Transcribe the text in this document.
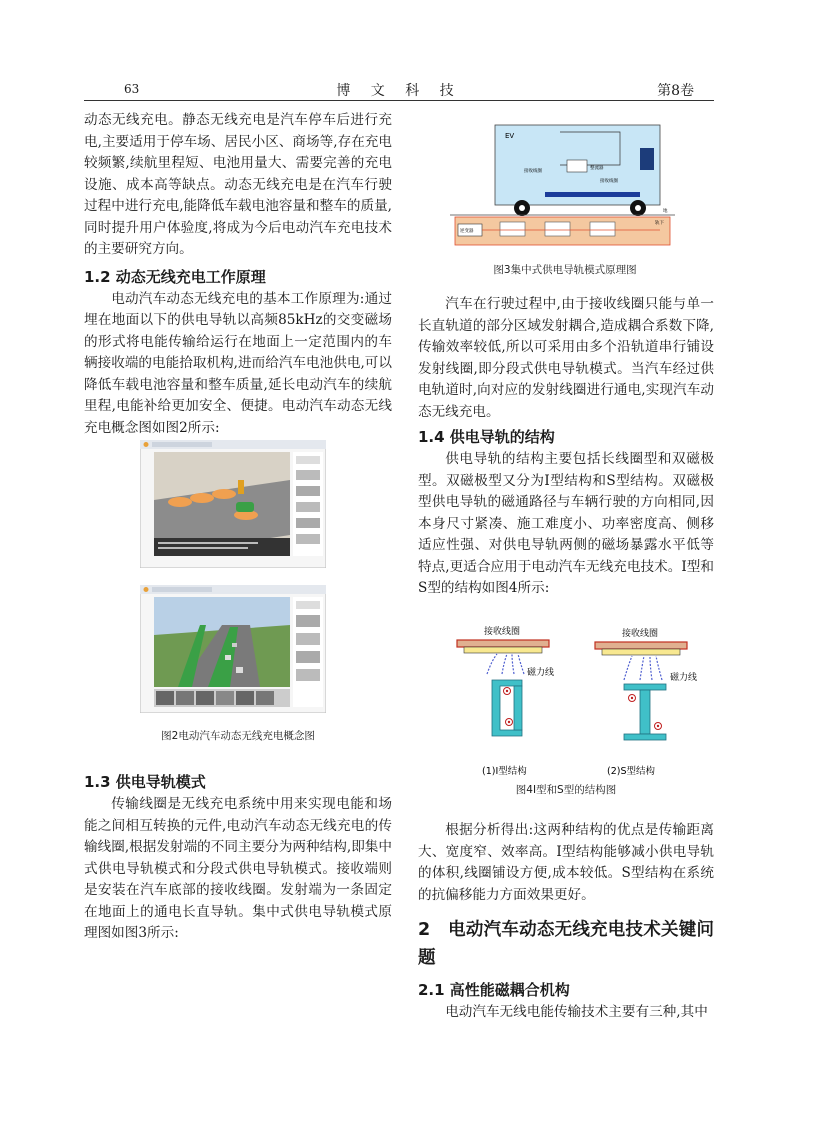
63	博 文 科 技	第8卷

动态无线充电。静态无线充电是汽车停车后进行充电,主要适用于停车场、居民小区、商场等,存在充电较频繁,续航里程短、电池用量大、需要完善的充电设施、成本高等缺点。动态无线充电是在汽车行驶过程中进行充电,能降低车载电池容量和整车的质量,同时提升用户体验度,将成为今后电动汽车充电技术的主要研究方向。

1.2 动态无线充电工作原理

电动汽车动态无线充电的基本工作原理为:通过埋在地面以下的供电导轨以高频85kHz的交变磁场的形式将电能传输给运行在地面上一定范围内的车辆接收端的电能拾取机构,进而给汽车电池供电,可以降低车载电池容量和整车质量,延长电动汽车的续航里程,电能补给更加安全、便捷。电动汽车动态无线充电概念图如图2所示:

图2电动汽车动态无线充电概念图

1.3 供电导轨模式

传输线圈是无线充电系统中用来实现电能和场能之间相互转换的元件,电动汽车动态无线充电的传输线圈,根据发射端的不同主要分为两种结构,即集中式供电导轨模式和分段式供电导轨模式。接收端则是安装在汽车底部的接收线圈。发射端为一条固定在地面上的通电长直导轨。集中式供电导轨模式原理图如图3所示:

EV
整流器
接收线圈
接收线圈
地
逆变器
轨下
图3集中式供电导轨模式原理图

汽车在行驶过程中,由于接收线圈只能与单一长直轨道的部分区域发射耦合,造成耦合系数下降,传输效率较低,所以可采用由多个沿轨道串行铺设发射线圈,即分段式供电导轨模式。当汽车经过供电轨道时,向对应的发射线圈进行通电,实现汽车动态无线充电。

1.4 供电导轨的结构

供电导轨的结构主要包括长线圈型和双磁极型。双磁极型又分为I型结构和S型结构。双磁极型供电导轨的磁通路径与车辆行驶的方向相同,因本身尺寸紧凑、施工难度小、功率密度高、侧移适应性强、对供电导轨两侧的磁场暴露水平低等特点,更适合应用于电动汽车无线充电技术。I型和S型的结构如图4所示:

接收线圈
磁力线
接收线圈
磁力线
(1)I型结构	(2)S型结构
图4I型和S型的结构图

根据分析得出:这两种结构的优点是传输距离大、宽度窄、效率高。I型结构能够减小供电导轨的体积,线圈铺设方便,成本较低。S型结构在系统的抗偏移能力方面效果更好。

2　电动汽车动态无线充电技术关键问题

2.1 高性能磁耦合机构

电动汽车无线电能传输技术主要有三种,其中
